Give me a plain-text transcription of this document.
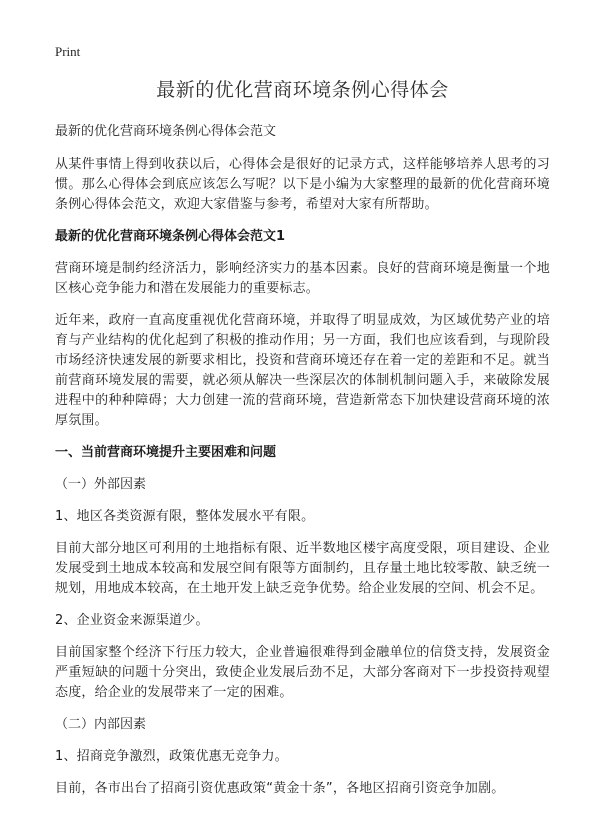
Print
最新的优化营商环境条例心得体会
最新的优化营商环境条例心得体会范文

从某件事情上得到收获以后，心得体会是很好的记录方式，这样能够培养人思考的习惯。那么心得体会到底应该怎么写呢？以下是小编为大家整理的最新的优化营商环境条例心得体会范文，欢迎大家借鉴与参考，希望对大家有所帮助。

最新的优化营商环境条例心得体会范文1

营商环境是制约经济活力，影响经济实力的基本因素。良好的营商环境是衡量一个地区核心竞争能力和潜在发展能力的重要标志。

近年来，政府一直高度重视优化营商环境，并取得了明显成效，为区域优势产业的培育与产业结构的优化起到了积极的推动作用；另一方面，我们也应该看到，与现阶段市场经济快速发展的新要求相比，投资和营商环境还存在着一定的差距和不足。就当前营商环境发展的需要，就必须从解决一些深层次的体制机制问题入手，来破除发展进程中的种种障碍；大力创建一流的营商环境，营造新常态下加快建设营商环境的浓厚氛围。

一、当前营商环境提升主要困难和问题
（一）外部因素

1、地区各类资源有限，整体发展水平有限。

目前大部分地区可利用的土地指标有限、近半数地区楼宇高度受限，项目建设、企业发展受到土地成本较高和发展空间有限等方面制约，且存量土地比较零散、缺乏统一规划，用地成本较高，在土地开发上缺乏竞争优势。给企业发展的空间、机会不足。

2、企业资金来源渠道少。

目前国家整个经济下行压力较大，企业普遍很难得到金融单位的信贷支持，发展资金严重短缺的问题十分突出，致使企业发展后劲不足，大部分客商对下一步投资持观望态度，给企业的发展带来了一定的困难。

（二）内部因素

1、招商竞争激烈，政策优惠无竞争力。

目前，各市出台了招商引资优惠政策“黄金十条”，各地区招商引资竞争加剧。
